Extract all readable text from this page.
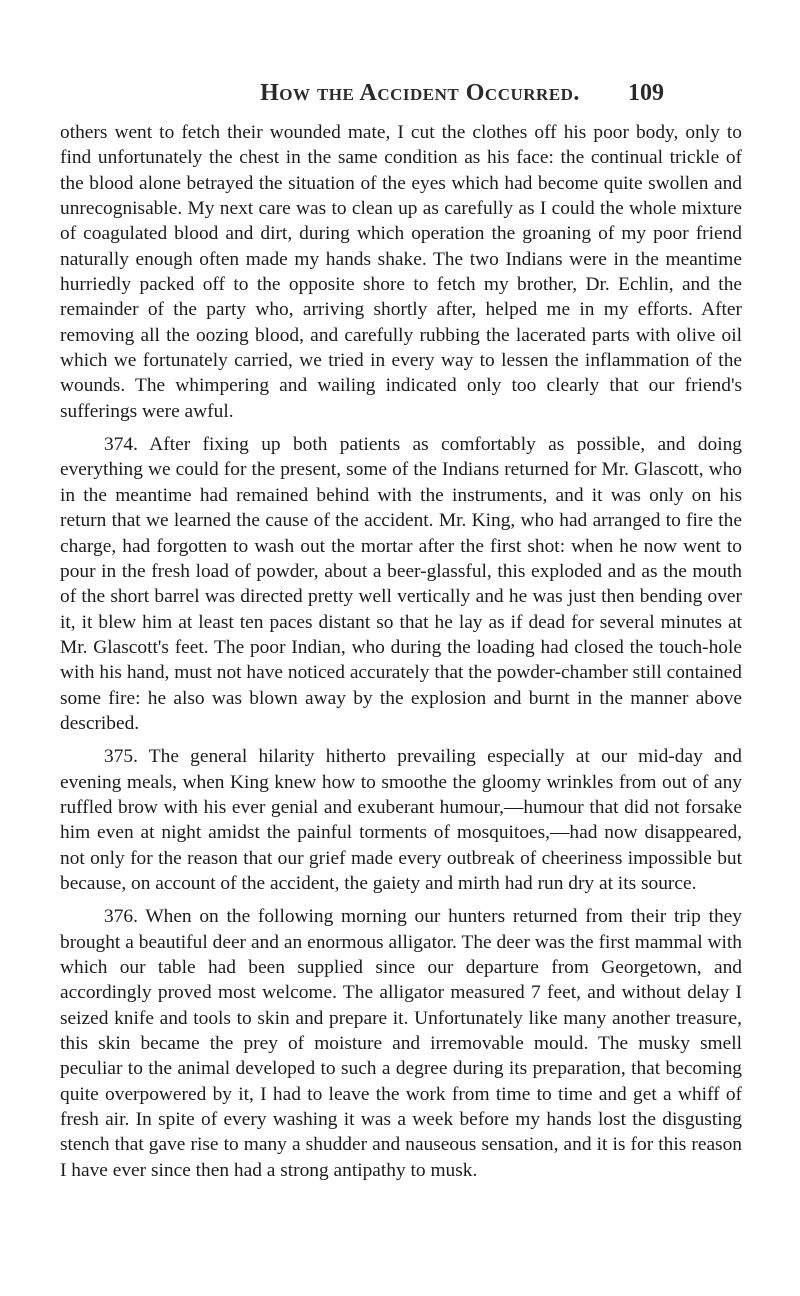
How the Accident Occurred.	109

others went to fetch their wounded mate, I cut the clothes off his poor body, only to find unfortunately the chest in the same condition as his face: the continual trickle of the blood alone betrayed the situation of the eyes which had become quite swollen and unrecognisable. My next care was to clean up as carefully as I could the whole mixture of coagulated blood and dirt, during which operation the groaning of my poor friend naturally enough often made my hands shake. The two Indians were in the meantime hurriedly packed off to the opposite shore to fetch my brother, Dr. Echlin, and the remainder of the party who, arriving shortly after, helped me in my efforts. After removing all the oozing blood, and carefully rubbing the lacerated parts with olive oil which we fortunately carried, we tried in every way to lessen the inflammation of the wounds. The whimpering and wailing indicated only too clearly that our friend's sufferings were awful.

374. After fixing up both patients as comfortably as possible, and doing everything we could for the present, some of the Indians returned for Mr. Glascott, who in the meantime had remained behind with the instruments, and it was only on his return that we learned the cause of the accident. Mr. King, who had arranged to fire the charge, had forgotten to wash out the mortar after the first shot: when he now went to pour in the fresh load of powder, about a beer-glassful, this exploded and as the mouth of the short barrel was directed pretty well vertically and he was just then bending over it, it blew him at least ten paces distant so that he lay as if dead for several minutes at Mr. Glascott's feet. The poor Indian, who during the loading had closed the touch-hole with his hand, must not have noticed accurately that the powder-chamber still contained some fire: he also was blown away by the explosion and burnt in the manner above described.

375. The general hilarity hitherto prevailing especially at our mid-day and evening meals, when King knew how to smoothe the gloomy wrinkles from out of any ruffled brow with his ever genial and exuberant humour,—humour that did not forsake him even at night amidst the painful torments of mosquitoes,—had now disappeared, not only for the reason that our grief made every outbreak of cheeriness impossible but because, on account of the accident, the gaiety and mirth had run dry at its source.

376. When on the following morning our hunters returned from their trip they brought a beautiful deer and an enormous alligator. The deer was the first mammal with which our table had been supplied since our departure from Georgetown, and accordingly proved most welcome. The alligator measured 7 feet, and without delay I seized knife and tools to skin and prepare it. Unfortunately like many another treasure, this skin became the prey of moisture and irremovable mould. The musky smell peculiar to the animal developed to such a degree during its preparation, that becoming quite overpowered by it, I had to leave the work from time to time and get a whiff of fresh air. In spite of every washing it was a week before my hands lost the disgusting stench that gave rise to many a shudder and nauseous sensation, and it is for this reason I have ever since then had a strong antipathy to musk.
